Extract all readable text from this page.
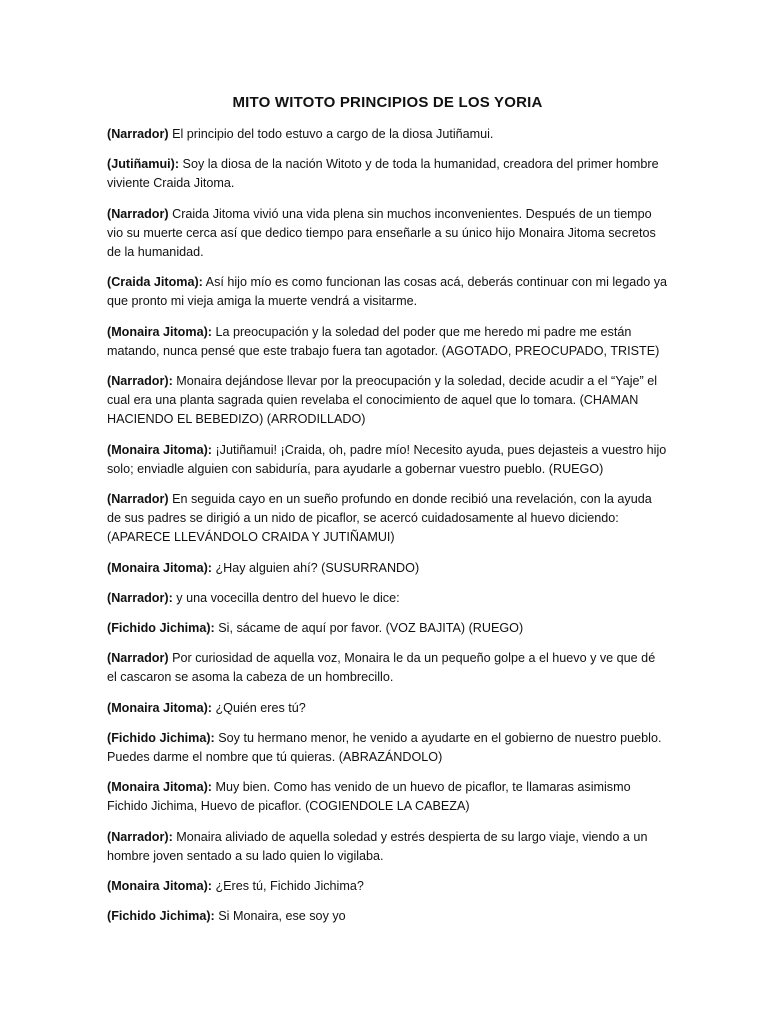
MITO WITOTO PRINCIPIOS DE LOS YORIA

(Narrador) El principio del todo estuvo a cargo de la diosa Jutiñamui.

(Jutiñamui): Soy la diosa de la nación Witoto y de toda la humanidad, creadora del primer hombre viviente Craida Jitoma.

(Narrador) Craida Jitoma vivió una vida plena sin muchos inconvenientes. Después de un tiempo vio su muerte cerca así que dedico tiempo para enseñarle a su único hijo Monaira Jitoma secretos de la humanidad.

(Craida Jitoma): Así hijo mío es como funcionan las cosas acá, deberás continuar con mi legado ya que pronto mi vieja amiga la muerte vendrá a visitarme.

(Monaira Jitoma): La preocupación y la soledad del poder que me heredo mi padre me están matando, nunca pensé que este trabajo fuera tan agotador. (AGOTADO, PREOCUPADO, TRISTE)

(Narrador): Monaira dejándose llevar por la preocupación y la soledad, decide acudir a el “Yaje” el cual era una planta sagrada quien revelaba el conocimiento de aquel que lo tomara. (CHAMAN HACIENDO EL BEBEDIZO) (ARRODILLADO)

(Monaira Jitoma): ¡Jutiñamui! ¡Craida, oh, padre mío! Necesito ayuda, pues dejasteis a vuestro hijo solo; enviadle alguien con sabiduría, para ayudarle a gobernar vuestro pueblo. (RUEGO)

(Narrador) En seguida cayo en un sueño profundo en donde recibió una revelación, con la ayuda de sus padres se dirigió a un nido de picaflor, se acercó cuidadosamente al huevo diciendo: (APARECE LLEVÁNDOLO CRAIDA Y JUTIÑAMUI)

(Monaira Jitoma): ¿Hay alguien ahí? (SUSURRANDO)

(Narrador): y una vocecilla dentro del huevo le dice:

(Fichido Jichima): Si, sácame de aquí por favor. (VOZ BAJITA) (RUEGO)

(Narrador) Por curiosidad de aquella voz, Monaira le da un pequeño golpe a el huevo y ve que dé el cascaron se asoma la cabeza de un hombrecillo.

(Monaira Jitoma): ¿Quién eres tú?

(Fichido Jichima): Soy tu hermano menor, he venido a ayudarte en el gobierno de nuestro pueblo. Puedes darme el nombre que tú quieras. (ABRAZÁNDOLO)

(Monaira Jitoma): Muy bien. Como has venido de un huevo de picaflor, te llamaras asimismo Fichido Jichima, Huevo de picaflor. (COGIENDOLE LA CABEZA)

(Narrador): Monaira aliviado de aquella soledad y estrés despierta de su largo viaje, viendo a un hombre joven sentado a su lado quien lo vigilaba.

(Monaira Jitoma): ¿Eres tú, Fichido Jichima?

(Fichido Jichima): Si Monaira, ese soy yo
